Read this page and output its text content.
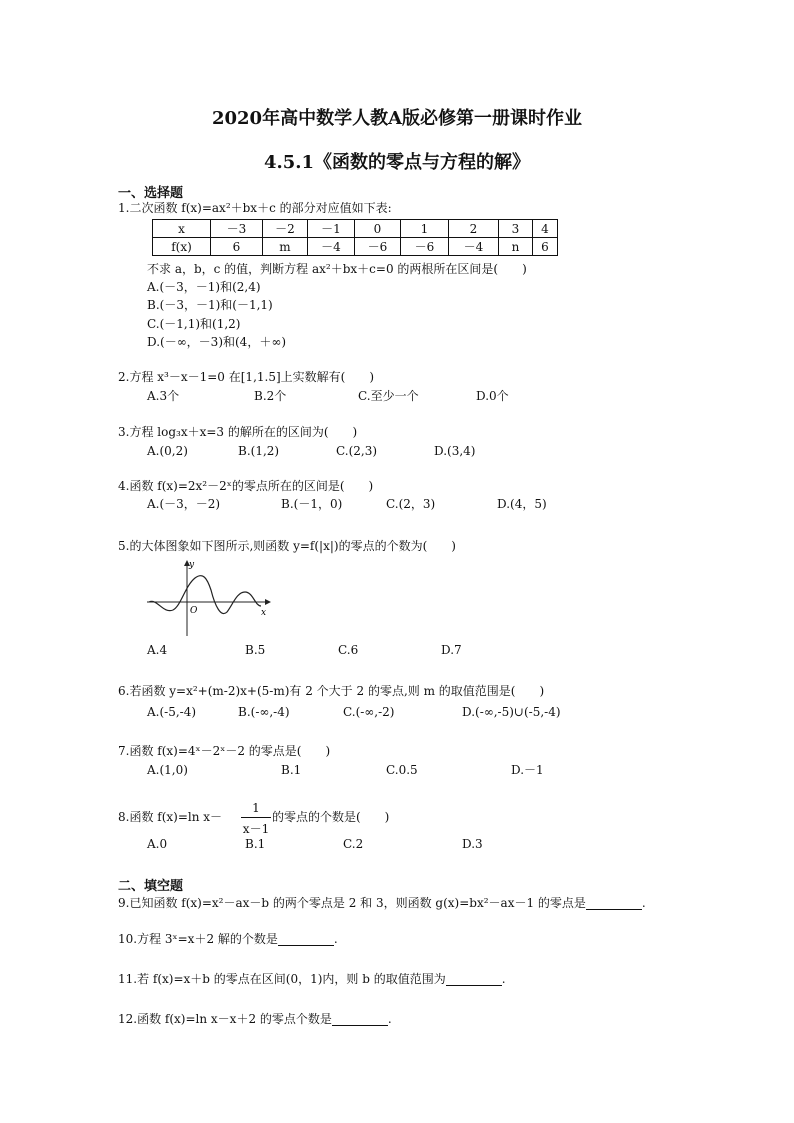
2020年高中数学人教A版必修第一册课时作业
4.5.1《函数的零点与方程的解》
一、选择题
1.二次函数 f(x)=ax²＋bx＋c 的部分对应值如下表:
x	－3	－2	－1	0	1	2	3	4
f(x)	6	m	－4	－6	－6	－4	n	6
不求 a，b，c 的值，判断方程 ax²＋bx＋c=0 的两根所在区间是(　　)
A.(－3，－1)和(2,4)
B.(－3，－1)和(－1,1)
C.(－1,1)和(1,2)
D.(－∞，－3)和(4，＋∞)
2.方程 x³－x－1=0 在[1,1.5]上实数解有(　　)
A.3个	B.2个	C.至少一个	D.0个
3.方程 log₃x＋x=3 的解所在的区间为(　　)
A.(0,2)	B.(1,2)	C.(2,3)	D.(3,4)
4.函数 f(x)=2x²－2ˣ的零点所在的区间是(　　)
A.(－3，－2)	B.(－1，0)	C.(2，3)	D.(4，5)
5.的大体图象如下图所示,则函数 y=f(|x|)的零点的个数为(　　)
y
x
O
A.4	B.5	C.6	D.7
6.若函数 y=x²+(m-2)x+(5-m)有 2 个大于 2 的零点,则 m 的取值范围是(　　)
A.(-5,-4)	B.(-∞,-4)	C.(-∞,-2)	D.(-∞,-5)∪(-5,-4)
7.函数 f(x)=4ˣ－2ˣ－2 的零点是(　　)
A.(1,0)	B.1	C.0.5	D.－1
8.函数 f(x)=ln x－
1
x－1
的零点的个数是(　　)
A.0	B.1	C.2	D.3
二、填空题
9.已知函数 f(x)=x²－ax－b 的两个零点是 2 和 3，则函数 g(x)=bx²－ax－1 的零点是	.
10.方程 3ˣ=x＋2 解的个数是	.
11.若 f(x)=x＋b 的零点在区间(0，1)内，则 b 的取值范围为	.
12.函数 f(x)=ln x－x＋2 的零点个数是	.
